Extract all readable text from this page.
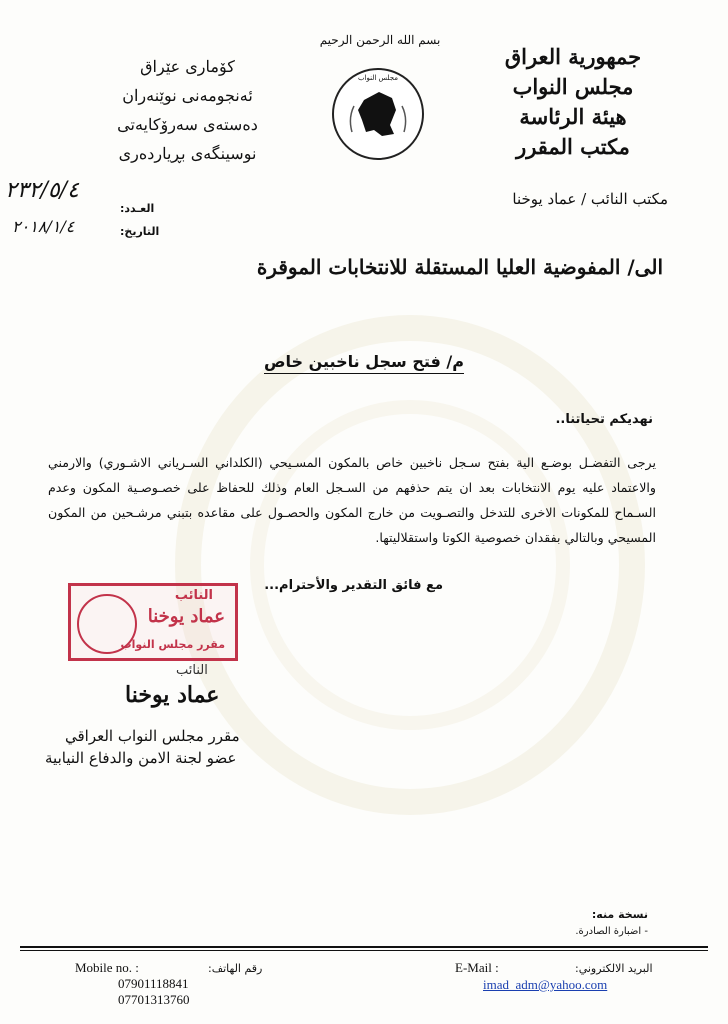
جمهورية العراق
مجلس النواب
هيئة الرئاسة
مكتب المقرر
بسم الله الرحمن الرحيم
مجلس النواب
كۆماری عێراق
ئەنجومەنی نوێنەران
دەستەی سەرۆکایەتی
نوسینگەی بڕیاردەری
مكتب النائب / عماد يوخنا
العـدد:
٢٣٢/٥/٤
التاريخ:
٢٠١٨/١/٤
الى/ المفوضية العليا المستقلة للانتخابات الموقرة
م/ فتح سجل ناخبين خاص
نهديكم تحياتنا..
يرجى التفضـل بوضـع الية بفتح سـجل ناخبين خاص بالمكون المسـيحي (الكلداني السـرياني الاشـوري) والارمني والاعتماد عليه يوم الانتخابات بعد ان يتم حذفهم من السـجل العام وذلك للحفاظ على خصـوصـية المكون وعدم السـماح للمكونات الاخرى للتدخل والتصـويت من خارج المكون والحصـول على مقاعده بتبني مرشـحين من المكون المسيحي وبالتالي بفقدان خصوصية الكوتا واستقلاليتها.
مع فائق التقدير والأحترام...
النائب
عماد يوخنا
مقرر مجلس النواب
النائب
عماد يوخنا
مقرر مجلس النواب العراقي
عضو لجنة الامن والدفاع النيابية
نسخة منه:
- اضبارة الصادرة.
Mobile no. :	رقم الهاتف:
07901118841
07701313760
E-Mail :	البريد الالكتروني:
imad_adm@yahoo.com
